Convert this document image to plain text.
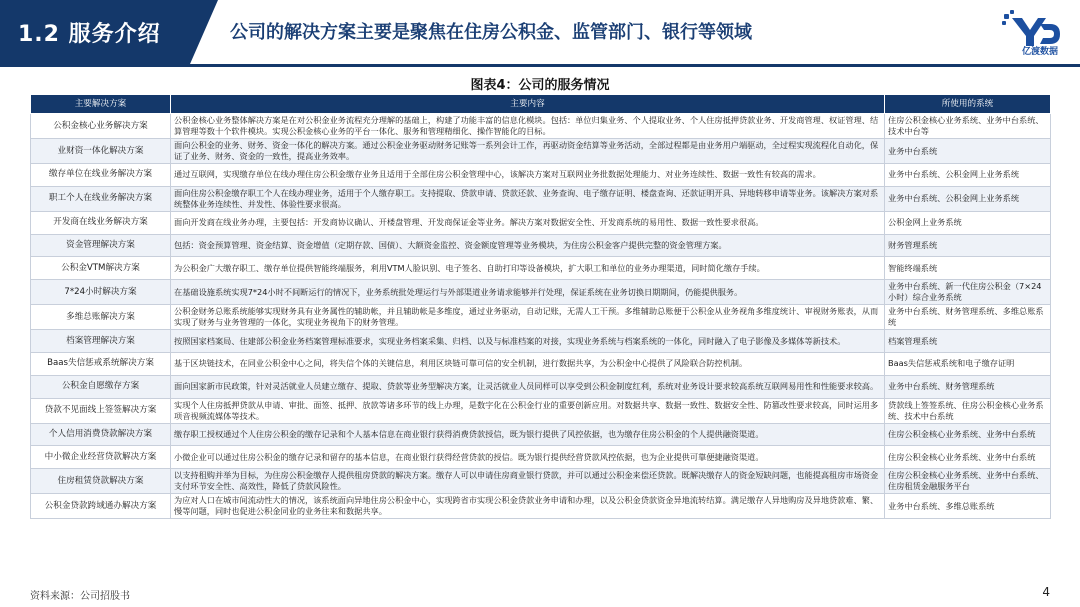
1.2 服务介绍	公司的解决方案主要是聚焦在住房公积金、监管部门、银行等领域
亿渡数据
图表4：公司的服务情况
主要解决方案	主要内容	所使用的系统
公积金核心业务解决方案	公积金核心业务整体解决方案是在对公积金业务流程充分理解的基础上，构建了功能丰富的信息化模块。包括：单位归集业务、个人提取业务、个人住房抵押贷款业务、开发商管理、权证管理、结算管理等数十个软件模块。实现公积金核心业务的平台一体化、服务和管理精细化、操作智能化的目标。	住房公积金核心业务系统、业务中台系统、技术中台等
业财资一体化解决方案	面向公积金的业务、财务、资金一体化的解决方案。通过公积金业务驱动财务记账等一系列会计工作，再驱动资金结算等业务活动，全部过程都是由业务用户端驱动，全过程实现流程化自动化，保证了业务、财务、资金的一致性，提高业务效率。	业务中台系统
缴存单位在线业务解决方案	通过互联网，实现缴存单位在线办理住房公积金缴存业务且适用于全部住房公积金管理中心，该解决方案对互联网业务批数据处理能力、对业务连续性、数据一致性有较高的需求。	业务中台系统、公积金网上业务系统
职工个人在线业务解决方案	面向住房公积金缴存职工个人在线办理业务，适用于个人缴存职工。支持提取、贷款申请、贷款还款、业务查询、电子缴存证明、楼盘查询、还款证明开具、异地转移申请等业务。该解决方案对系统整体业务连续性、并发性、体验性要求很高。	业务中台系统、公积金网上业务系统
开发商在线业务解决方案	面向开发商在线业务办理，主要包括：开发商协议确认、开楼盘管理、开发商保证金等业务。解决方案对数据安全性、开发商系统的易用性、数据一致性要求很高。	公积金网上业务系统
资金管理解决方案	包括：资金预算管理、资金结算、资金增值（定期存款、国债）、大额资金监控、资金额度管理等业务模块，为住房公积金客户提供完整的资金管理方案。	财务管理系统
公积金VTM解决方案	为公积金广大缴存职工、缴存单位提供智能终端服务，利用VTM人脸识别、电子签名、自助打印等设备模块，扩大职工和单位的业务办理渠道，同时简化缴存手续。	智能终端系统
7*24小时解决方案	在基础设施系统实现7*24小时不间断运行的情况下，业务系统批处理运行与外部渠道业务请求能够并行处理，保证系统在业务切换日期期间，仍能提供服务。	业务中台系统、新一代住房公积金（7×24小时）综合业务系统
多维总账解决方案	公积金财务总账系统能够实现财务具有业务属性的辅助帐，并且辅助帐是多维度，通过业务驱动，自动记账，无需人工干预。多维辅助总账便于公积金从业务视角多维度统计、审视财务账表，从而实现了财务与业务管理的一体化，实现业务视角下的财务管理。	业务中台系统、财务管理系统、多维总账系统
档案管理解决方案	按照国家档案局、住建部公积金业务档案管理标准要求，实现业务档案采集、归档、以及与标准档案的对接，实现业务系统与档案系统的一体化，同时融入了电子影像及多媒体等新技术。	档案管理系统
Baas失信惩戒系统解决方案	基于区块链技术，在同业公积金中心之间，将失信个体的关键信息，利用区块链可靠可信的安全机制，进行数据共享，为公积金中心提供了风险联合防控机制。	Baas失信惩戒系统和电子缴存证明
公积金自愿缴存方案	面向国家新市民政策，针对灵活就业人员建立缴存、提取、贷款等业务型解决方案，让灵活就业人员同样可以享受到公积金制度红利，系统对业务设计要求较高系统互联网易用性和性能要求较高。	业务中台系统、财务管理系统
贷款不见面线上签签解决方案	实现个人住房抵押贷款从申请、审批、面签、抵押、放款等诸多环节的线上办理，是数字化在公积金行业的重要创新应用。对数据共享、数据一致性、数据安全性、防篡改性要求较高，同时运用多项音视频流媒体等技术。	贷款线上签签系统、住房公积金核心业务系统、技术中台系统
个人信用消费贷款解决方案	缴存职工授权通过个人住房公积金的缴存记录和个人基本信息在商业银行获得消费贷款授信，既为银行提供了风控依据，也为缴存住房公积金的个人提供融资渠道。	住房公积金核心业务系统、业务中台系统
中小微企业经营贷款解决方案	小微企业可以通过住房公积金的缴存记录和留存的基本信息，在商业银行获得经营贷款的授信。既为银行提供经营贷款风控依据，也为企业提供可靠便捷融资渠道。	住房公积金核心业务系统、业务中台系统
住房租赁贷款解决方案	以支持租购并举为目标，为住房公积金缴存人提供租房贷款的解决方案。缴存人可以申请住房商业银行贷款，并可以通过公积金来偿还贷款。既解决缴存人的资金短缺问题，也能提高租房市场资金支付环节安全性、高效性，降低了贷款风险性。	住房公积金核心业务系统、业务中台系统、住房租赁金融服务平台
公积金贷款跨域通办解决方案	为应对人口在城市间流动性大的情况，该系统面向异地住房公积金中心，实现跨省市实现公积金贷款业务申请和办理，以及公积金贷款资金异地流转结算。满足缴存人异地购房及异地贷款难、繁、慢等问题，同时也促进公积金同业的业务往来和数据共享。	业务中台系统、多维总账系统
资料来源：公司招股书	4
